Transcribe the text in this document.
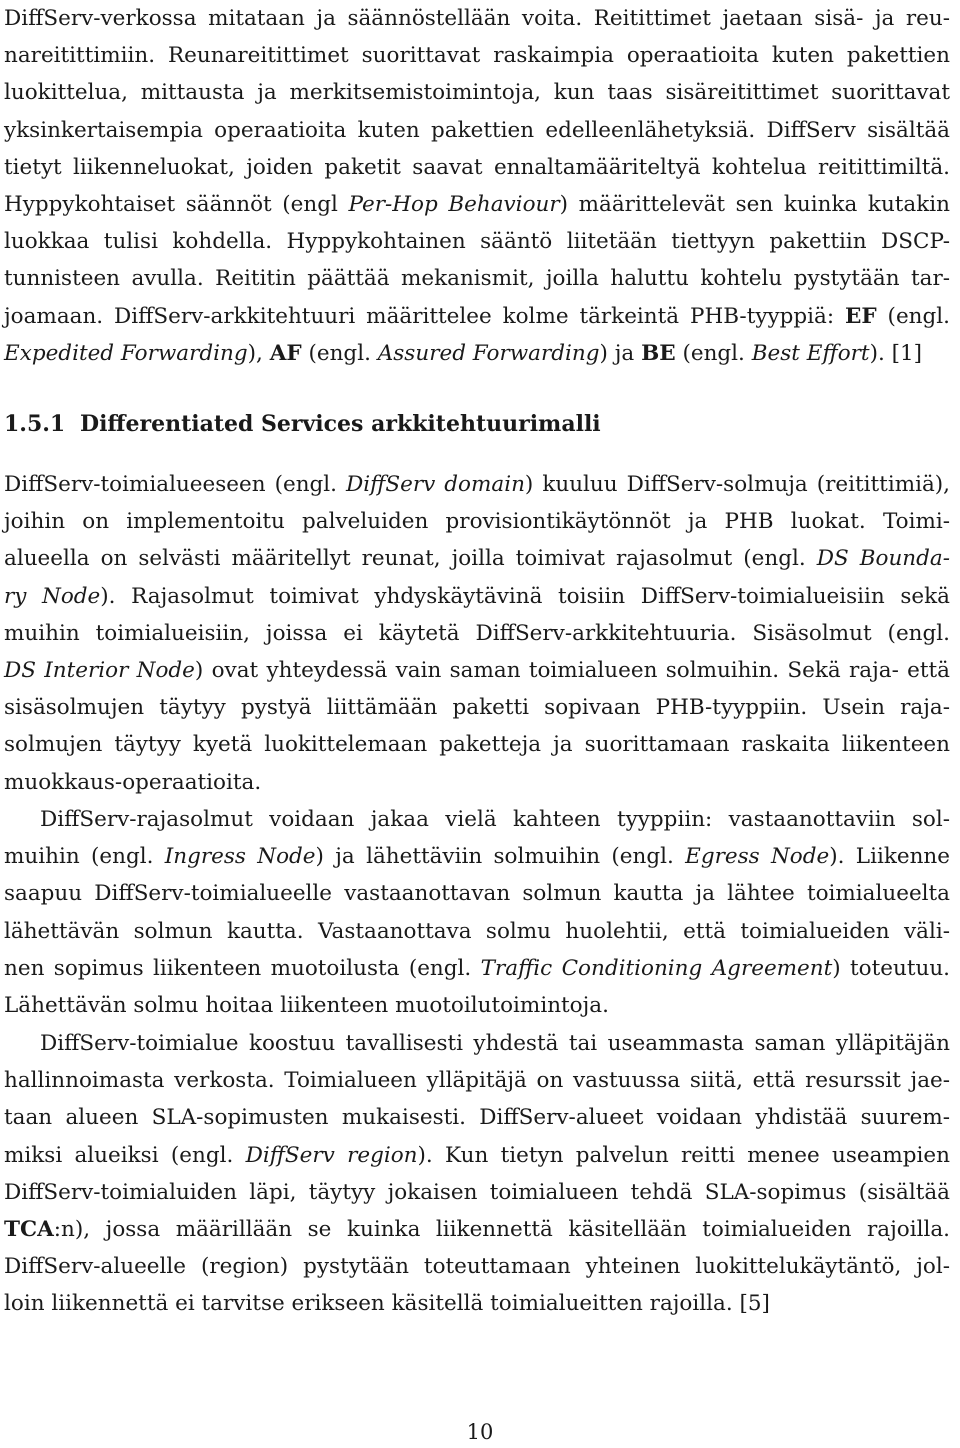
DiffServ-verkossa mitataan ja säännöstellään voita. Reitittimet jaetaan sisä- ja reu-
nareitittimiin. Reunareitittimet suorittavat raskaimpia operaatioita kuten pakettien
luokittelua, mittausta ja merkitsemistoimintoja, kun taas sisäreitittimet suorittavat
yksinkertaisempia operaatioita kuten pakettien edelleenlähetyksiä. DiffServ sisältää
tietyt liikenneluokat, joiden paketit saavat ennaltamääriteltyä kohtelua reitittimiltä.
Hyppykohtaiset säännöt (engl Per-Hop Behaviour) määrittelevät sen kuinka kutakin
luokkaa tulisi kohdella. Hyppykohtainen sääntö liitetään tiettyyn pakettiin DSCP-
tunnisteen avulla. Reititin päättää mekanismit, joilla haluttu kohtelu pystytään tar-
joamaan. DiffServ-arkkitehtuuri määrittelee kolme tärkeintä PHB-tyyppiä: EF (engl.
Expedited Forwarding), AF (engl. Assured Forwarding) ja BE (engl. Best Effort). [1]
1.5.1 Differentiated Services arkkitehtuurimalli
DiffServ-toimialueeseen (engl. DiffServ domain) kuuluu DiffServ-solmuja (reitittimiä),
joihin on implementoitu palveluiden provisiontikäytönnöt ja PHB luokat. Toimi-
alueella on selvästi määritellyt reunat, joilla toimivat rajasolmut (engl. DS Bounda-
ry Node). Rajasolmut toimivat yhdyskäytävinä toisiin DiffServ-toimialueisiin sekä
muihin toimialueisiin, joissa ei käytetä DiffServ-arkkitehtuuria. Sisäsolmut (engl.
DS Interior Node) ovat yhteydessä vain saman toimialueen solmuihin. Sekä raja- että
sisäsolmujen täytyy pystyä liittämään paketti sopivaan PHB-tyyppiin. Usein raja-
solmujen täytyy kyetä luokittelemaan paketteja ja suorittamaan raskaita liikenteen
muokkaus-operaatioita.
DiffServ-rajasolmut voidaan jakaa vielä kahteen tyyppiin: vastaanottaviin sol-
muihin (engl. Ingress Node) ja lähettäviin solmuihin (engl. Egress Node). Liikenne
saapuu DiffServ-toimialueelle vastaanottavan solmun kautta ja lähtee toimialueelta
lähettävän solmun kautta. Vastaanottava solmu huolehtii, että toimialueiden väli-
nen sopimus liikenteen muotoilusta (engl. Traffic Conditioning Agreement) toteutuu.
Lähettävän solmu hoitaa liikenteen muotoilutoimintoja.
DiffServ-toimialue koostuu tavallisesti yhdestä tai useammasta saman ylläpitäjän
hallinnoimasta verkosta. Toimialueen ylläpitäjä on vastuussa siitä, että resurssit jae-
taan alueen SLA-sopimusten mukaisesti. DiffServ-alueet voidaan yhdistää suurem-
miksi alueiksi (engl. DiffServ region). Kun tietyn palvelun reitti menee useampien
DiffServ-toimialuiden läpi, täytyy jokaisen toimialueen tehdä SLA-sopimus (sisältää
TCA:n), jossa määrillään se kuinka liikennettä käsitellään toimialueiden rajoilla.
DiffServ-alueelle (region) pystytään toteuttamaan yhteinen luokittelukäytäntö, jol-
loin liikennettä ei tarvitse erikseen käsitellä toimialueitten rajoilla. [5]
10
